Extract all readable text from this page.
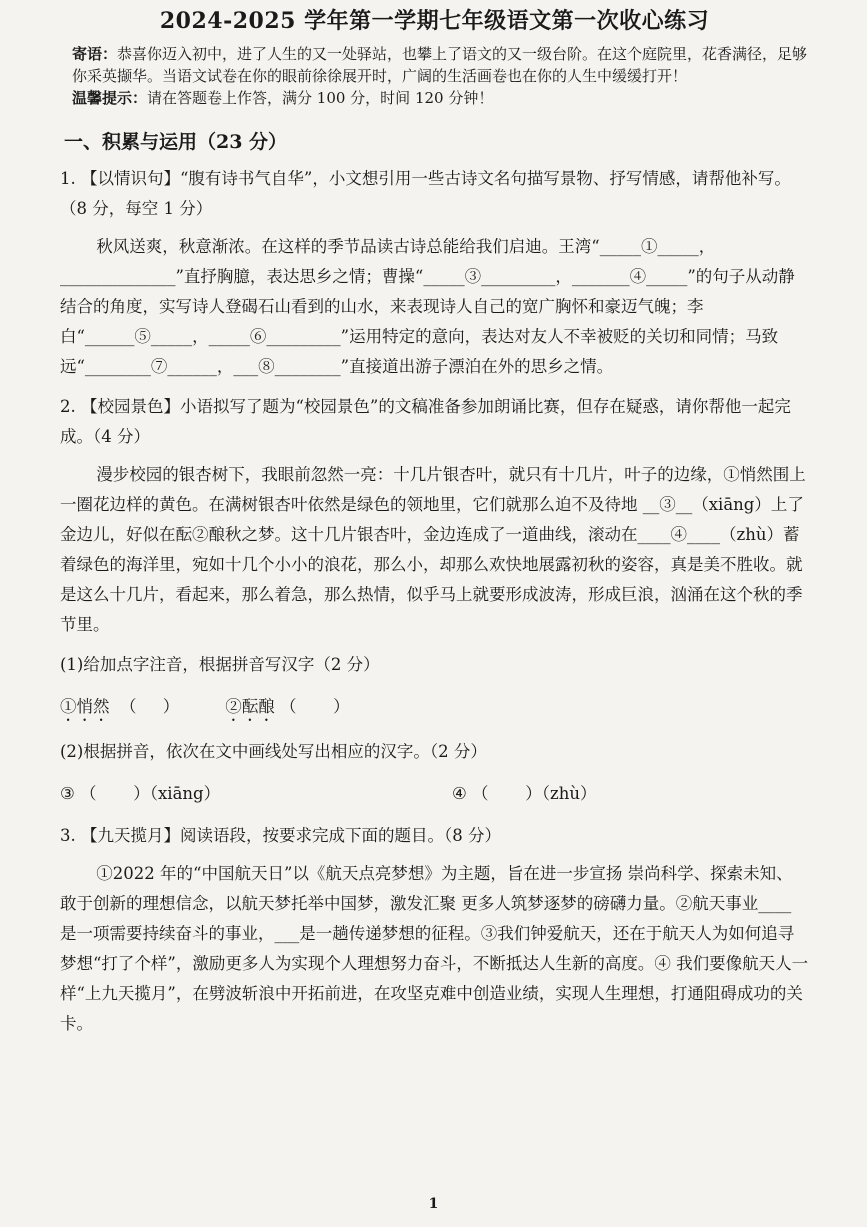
2024-2025 学年第一学期七年级语文第一次收心练习
寄语：恭喜你迈入初中，进了人生的又一处驿站，也攀上了语文的又一级台阶。在这个庭院里，花香满径，足够你采英撷华。当语文试卷在你的眼前徐徐展开时，广阔的生活画卷也在你的人生中缓缓打开！
温馨提示：请在答题卷上作答，满分 100 分，时间 120 分钟！
一、积累与运用（23 分）
1. 【以情识句】“腹有诗书气自华”，小文想引用一些古诗文名句描写景物、抒写情感，请帮他补写。（8 分，每空 1 分）
秋风送爽，秋意渐浓。在这样的季节品读古诗总能给我们启迪。王湾“_____①_____，______________”直抒胸臆，表达思乡之情；曹操“_____③_________，_______④_____”的句子从动静结合的角度，实写诗人登碣石山看到的山水，来表现诗人自己的宽广胸怀和豪迈气魄；李白“______⑤_____，_____⑥_________”运用特定的意向，表达对友人不幸被贬的关切和同情；马致远“________⑦______，___⑧________”直接道出游子漂泊在外的思乡之情。
2. 【校园景色】小语拟写了题为“校园景色”的文稿准备参加朗诵比赛，但存在疑惑，请你帮他一起完成。（4 分）
漫步校园的银杏树下，我眼前忽然一亮：十几片银杏叶，就只有十几片，叶子的边缘，①悄然围上一圈花边样的黄色。在满树银杏叶依然是绿色的领地里，它们就那么迫不及待地 __③__（xiāng）上了金边儿，好似在酝②酿秋之梦。这十几片银杏叶，金边连成了一道曲线，滚动在____④____（zhù）蓄着绿色的海洋里，宛如十几个小小的浪花，那么小，却那么欢快地展露初秋的姿容，真是美不胜收。就是这么十几片，看起来，那么着急，那么热情，似乎马上就要形成波涛，形成巨浪，汹涌在这个秋的季节里。
(1)给加点字注音，根据拼音写汉字（2 分）
①悄然 （     ）	②酝酿 （       ）
(2)根据拼音，依次在文中画线处写出相应的汉字。（2 分）
③ （       ）（xiāng）	④ （       ）（zhù）
3. 【九天揽月】阅读语段，按要求完成下面的题目。（8 分）
①2022 年的“中国航天日”以《航天点亮梦想》为主题，旨在进一步宣扬 崇尚科学、探索未知、敢于创新的理想信念，以航天梦托举中国梦，激发汇聚 更多人筑梦逐梦的磅礴力量。②航天事业____ 是一项需要持续奋斗的事业，___是一趟传递梦想的征程。③我们钟爱航天，还在于航天人为如何追寻梦想“打了个样”，激励更多人为实现个人理想努力奋斗，不断抵达人生新的高度。④ 我们要像航天人一样“上九天揽月”，在劈波斩浪中开拓前进，在攻坚克难中创造业绩，实现人生理想，打通阻碍成功的关卡。
1
